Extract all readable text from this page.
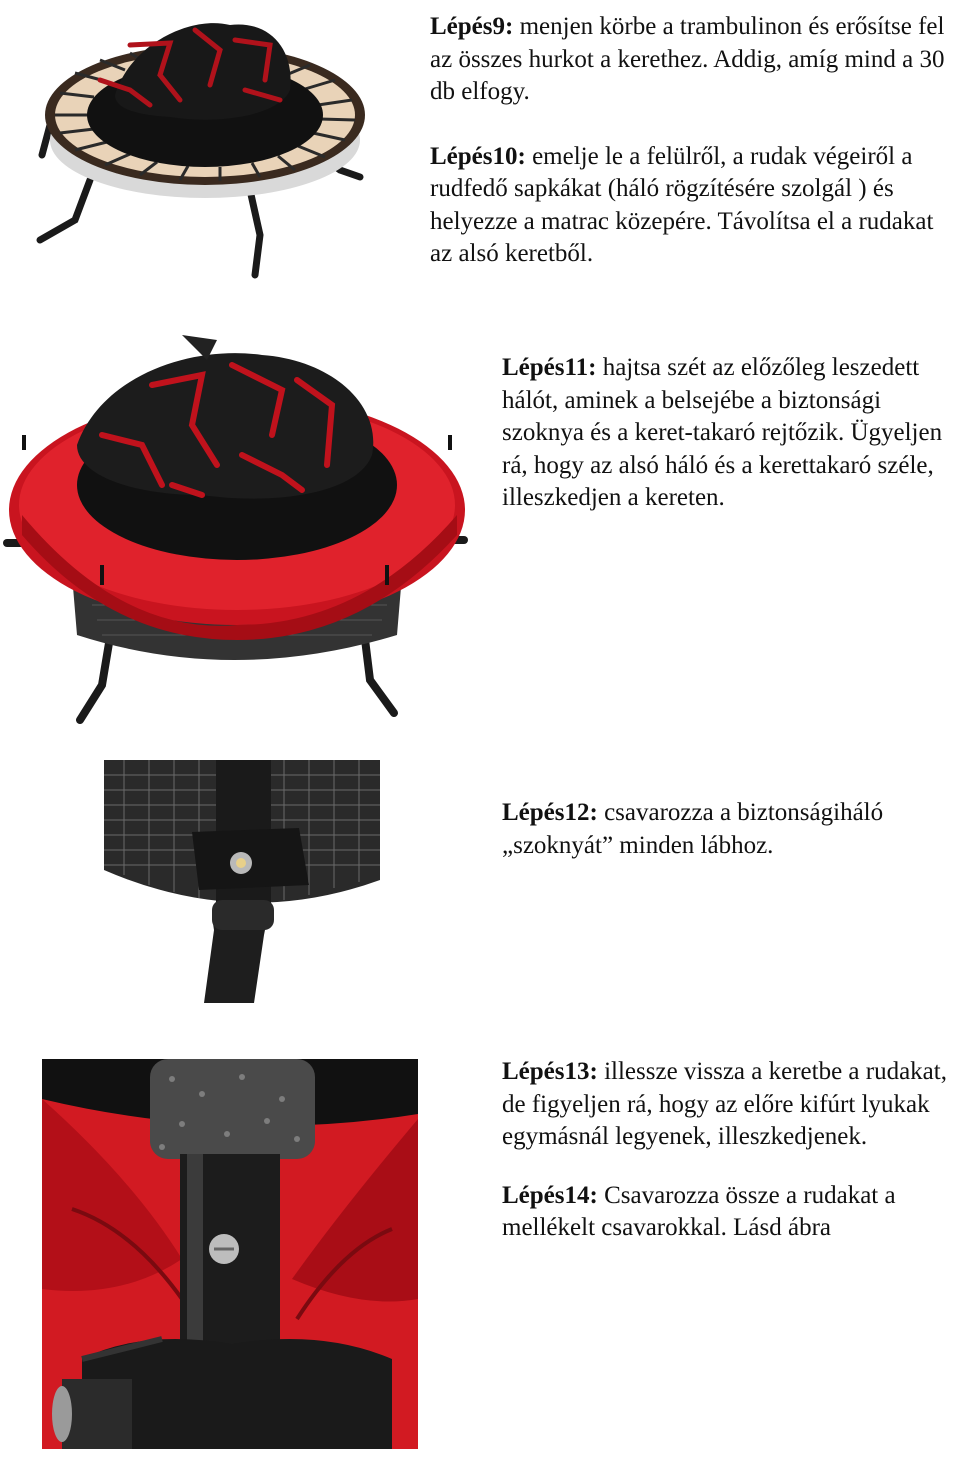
Lépés9: menjen körbe a trambulinon és erősítse fel az összes hurkot a kerethez. Addig, amíg mind a 30 db elfogy.

Lépés10: emelje le a felülről, a rudak végeiről a rudfedő sapkákat (háló rögzítésére szolgál ) és helyezze a matrac közepére. Távolítsa el a rudakat az alsó keretből.

Lépés11: hajtsa szét az előzőleg leszedett hálót, aminek a belsejébe a biztonsági szoknya és a keret-takaró rejtőzik. Ügyeljen rá, hogy az alsó háló és a kerettakaró széle, illeszkedjen a kereten.

Lépés12: csavarozza a biztonságiháló „szoknyát” minden lábhoz.

Lépés13: illessze vissza a keretbe a rudakat, de figyeljen rá, hogy az előre kifúrt lyukak egymásnál legyenek, illeszkedjenek.

Lépés14: Csavarozza össze a rudakat a mellékelt csavarokkal. Lásd ábra
